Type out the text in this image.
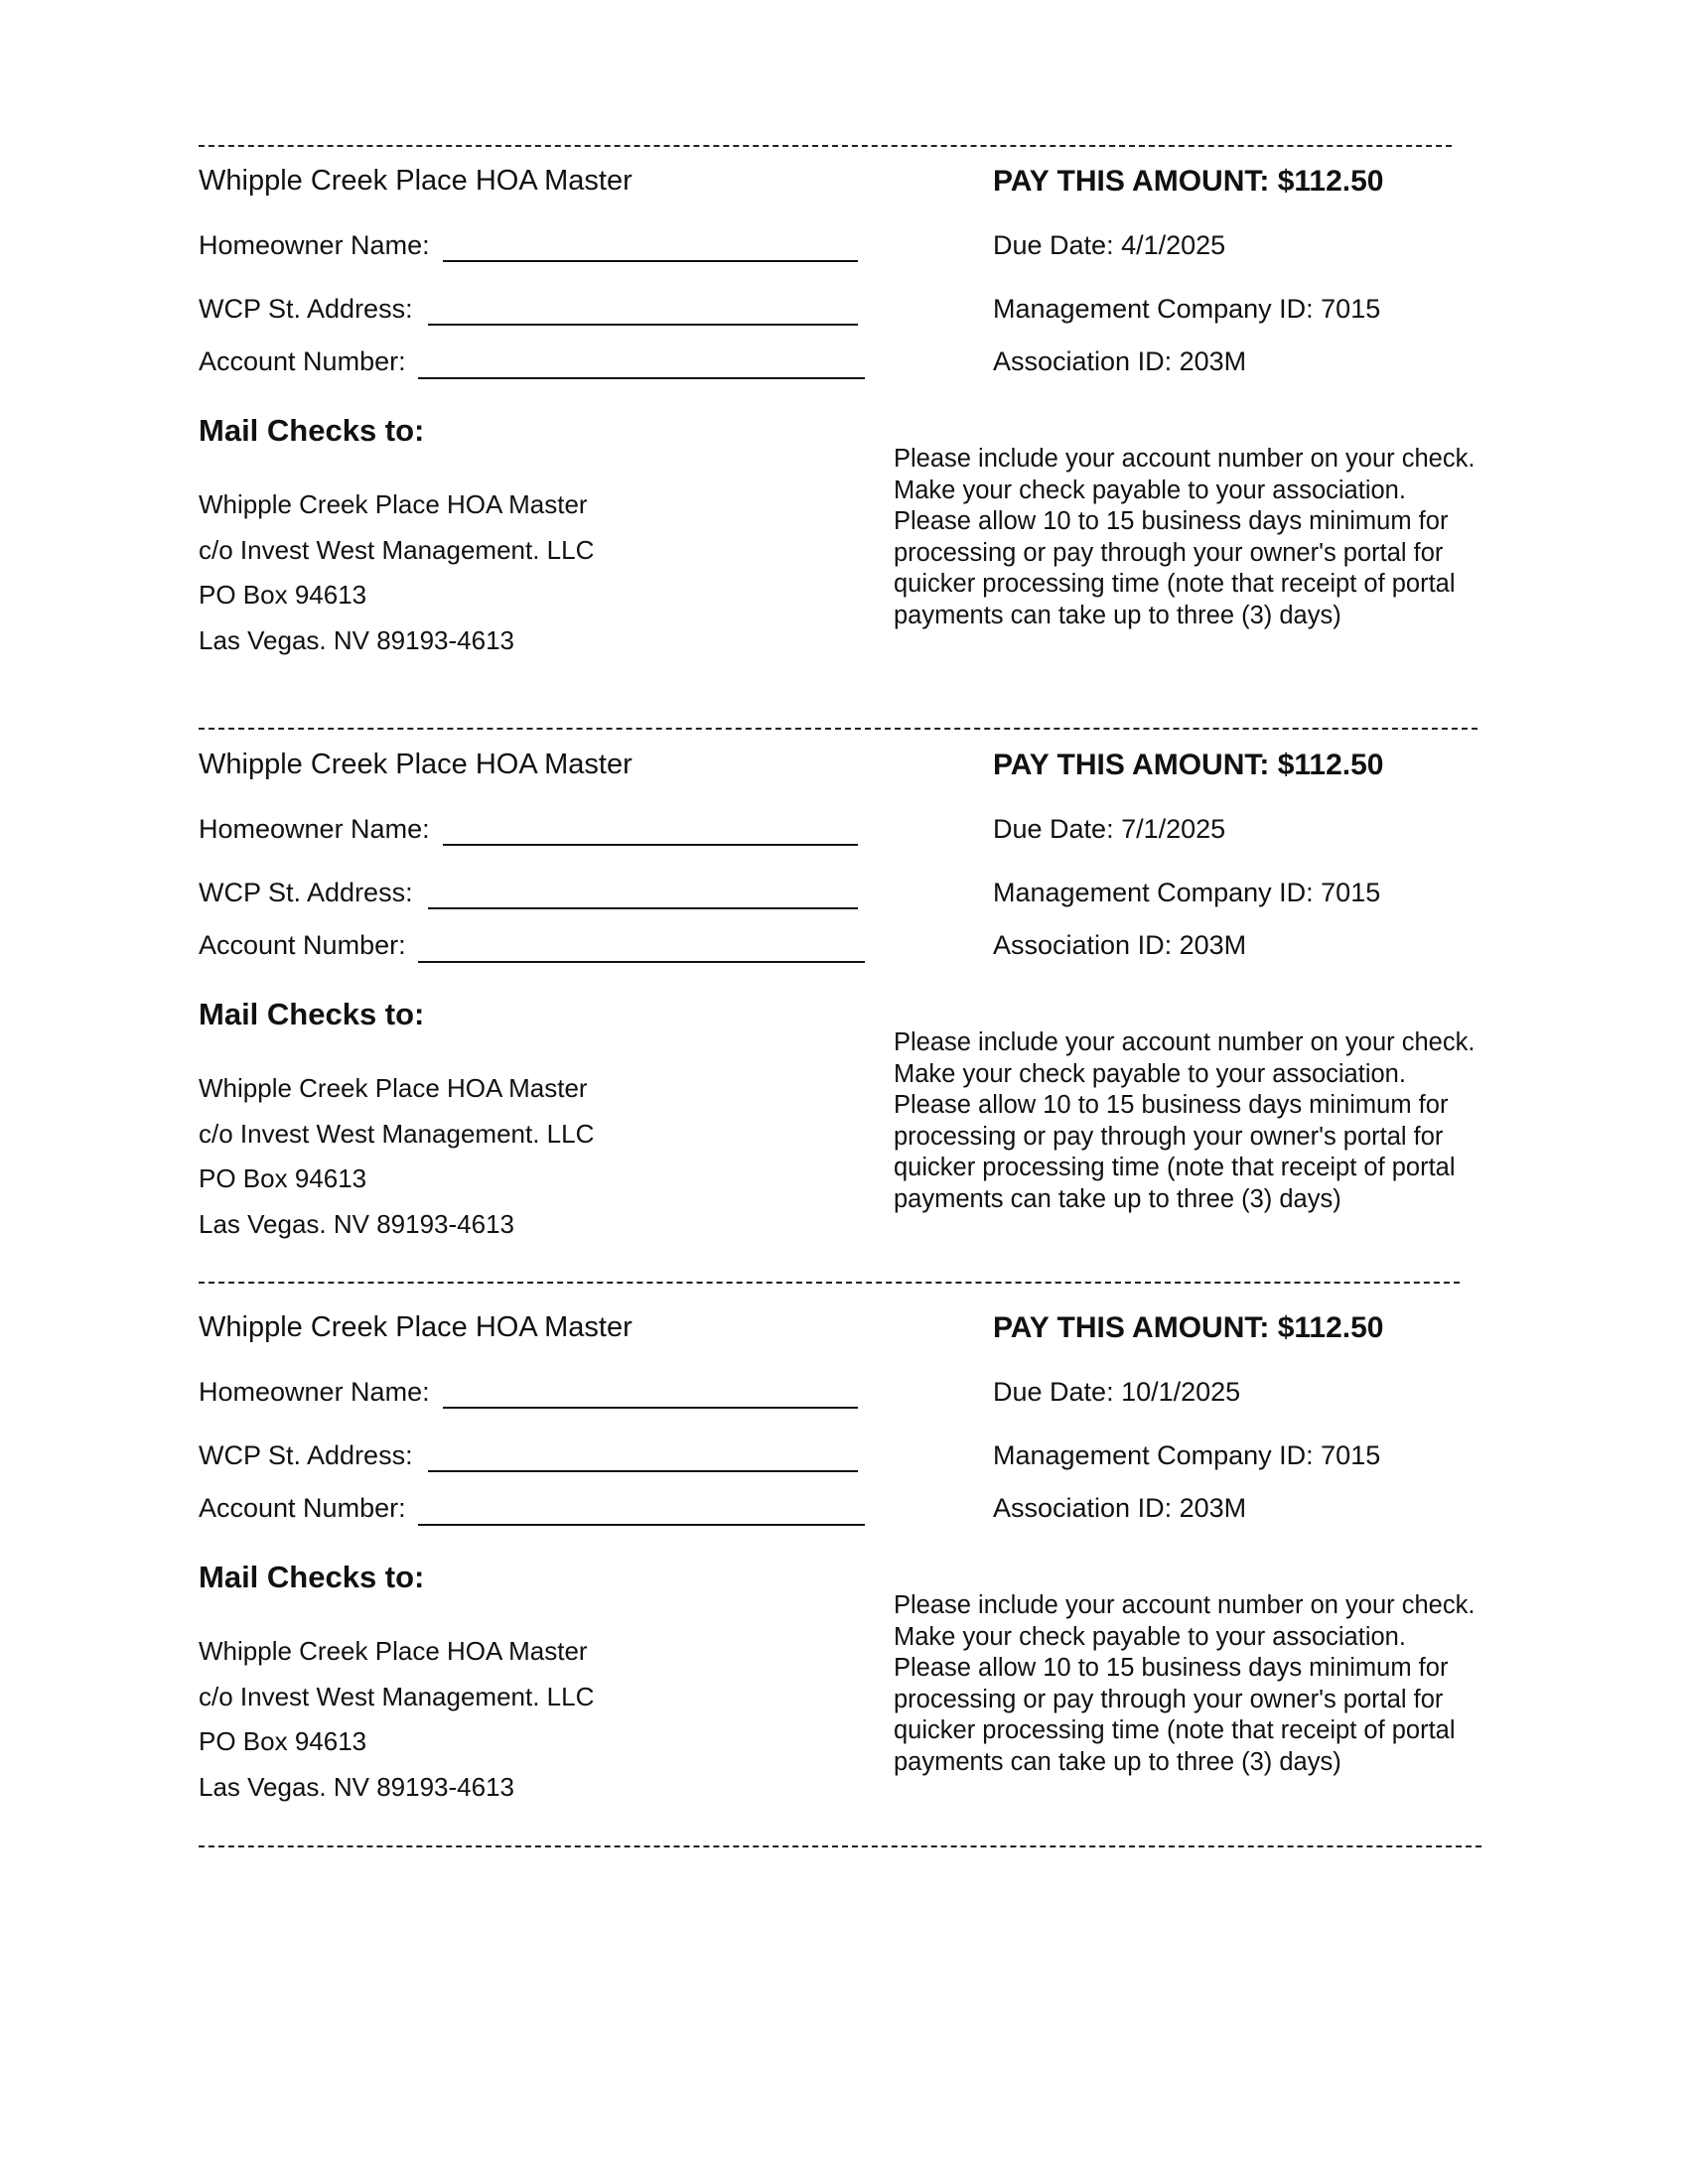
Whipple Creek Place HOA Master	PAY THIS AMOUNT: $112.50
Homeowner Name:
WCP St. Address:
Account Number:
Due Date: 4/1/2025
Management Company ID: 7015
Association ID: 203M
Mail Checks to:
Whipple Creek Place HOA Master
c/o Invest West Management. LLC
PO Box 94613
Las Vegas. NV 89193-4613
Please include your account number on your check. Make your check payable to your association. Please allow 10 to 15 business days minimum for processing or pay through your owner's portal for quicker processing time (note that receipt of portal payments can take up to three (3) days)
Whipple Creek Place HOA Master	PAY THIS AMOUNT: $112.50
Homeowner Name:
WCP St. Address:
Account Number:
Due Date: 7/1/2025
Management Company ID: 7015
Association ID: 203M
Mail Checks to:
Whipple Creek Place HOA Master
c/o Invest West Management. LLC
PO Box 94613
Las Vegas. NV 89193-4613
Please include your account number on your check. Make your check payable to your association. Please allow 10 to 15 business days minimum for processing or pay through your owner's portal for quicker processing time (note that receipt of portal payments can take up to three (3) days)
Whipple Creek Place HOA Master	PAY THIS AMOUNT: $112.50
Homeowner Name:
WCP St. Address:
Account Number:
Due Date: 10/1/2025
Management Company ID: 7015
Association ID: 203M
Mail Checks to:
Whipple Creek Place HOA Master
c/o Invest West Management. LLC
PO Box 94613
Las Vegas. NV 89193-4613
Please include your account number on your check. Make your check payable to your association. Please allow 10 to 15 business days minimum for processing or pay through your owner's portal for quicker processing time (note that receipt of portal payments can take up to three (3) days)
